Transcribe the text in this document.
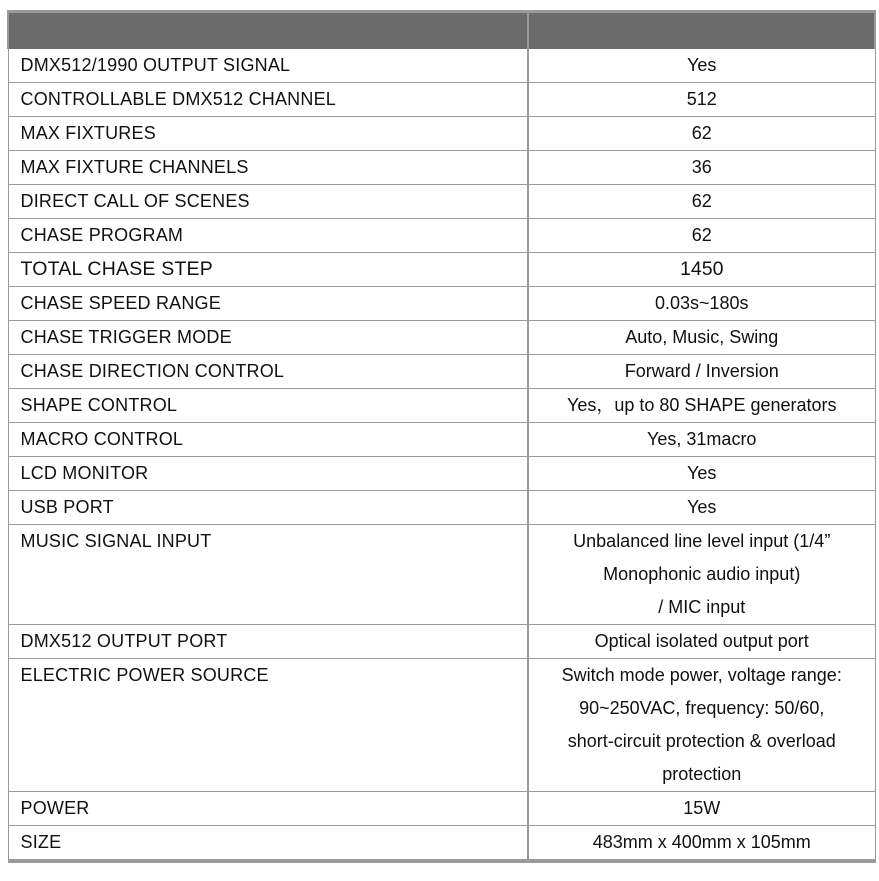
DMX512/1990 OUTPUT SIGNAL	Yes

CONTROLLABLE DMX512 CHANNEL	512

MAX FIXTURES	62

MAX FIXTURE CHANNELS	36

DIRECT CALL OF SCENES	62

CHASE PROGRAM	62

TOTAL CHASE STEP	1450

CHASE SPEED RANGE	0.03s~180s

CHASE TRIGGER MODE	Auto, Music, Swing

CHASE DIRECTION CONTROL	Forward / Inversion

SHAPE CONTROL	Yes，up to 80 SHAPE generators

MACRO CONTROL	Yes, 31macro

LCD MONITOR	Yes

USB PORT	Yes

MUSIC SIGNAL INPUT	Unbalanced line level input (1/4”
Monophonic audio input)
/ MIC input

DMX512 OUTPUT PORT	Optical isolated output port

ELECTRIC POWER SOURCE	Switch mode power, voltage range:
90~250VAC, frequency: 50/60,
short-circuit protection & overload
protection

POWER	15W

SIZE	483mm x 400mm x 105mm
